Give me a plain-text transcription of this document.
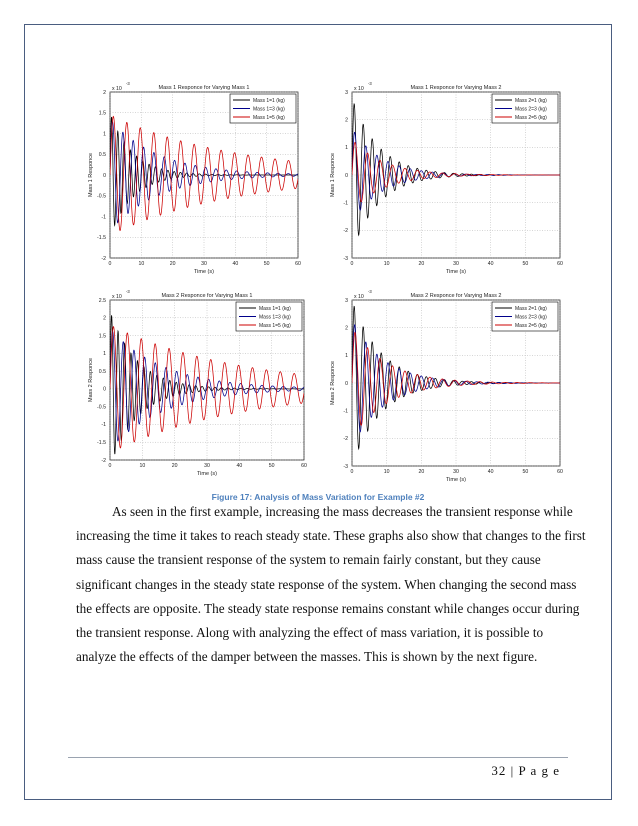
0	10	20	30	40	50	60
-2
-1.5
-1
-0.5
0
0.5
1
1.5
2
Mass 1 Responce for Varying Mass 1
x 10
-3
Time (s)
Mass 1 Responce
Mass 1=1 (kg)
Mass 1=3 (kg)
Mass 1=5 (kg)
0	10	20	30	40	50	60
-3
-2
-1
0
1
2
3
Mass 1 Responce for Varying Mass 2
x 10
-3
Time (s)
Mass 1 Responce
Mass 2=1 (kg)
Mass 2=3 (kg)
Mass 2=5 (kg)
0	10	20	30	40	50	60
-2
-1.5
-1
-0.5
0
0.5
1
1.5
2
2.5
Mass 2 Responce for Varying Mass 1
x 10
-3
Time (s)
Mass 2 Responce
Mass 1=1 (kg)
Mass 1=3 (kg)
Mass 1=5 (kg)
0	10	20	30	40	50	60
-3
-2
-1
0
1
2
3
Mass 2 Responce for Varying Mass 2
x 10
-3
Time (s)
Mass 2 Responce
Mass 2=1 (kg)
Mass 2=3 (kg)
Mass 2=5 (kg)
Figure 17: Analysis of Mass Variation for Example #2

As seen in the first example, increasing the mass decreases the transient response while
increasing the time it takes to reach steady state. These graphs also show that changes to the first
mass cause the transient response of the system to remain fairly constant, but they cause
significant changes in the steady state response of the system. When changing the second mass
the effects are opposite. The steady state response remains constant while changes occur during
the transient response. Along with analyzing the effect of mass variation, it is possible to
analyze the effects of the damper between the masses. This is shown by the next figure.

32 | P a g e
